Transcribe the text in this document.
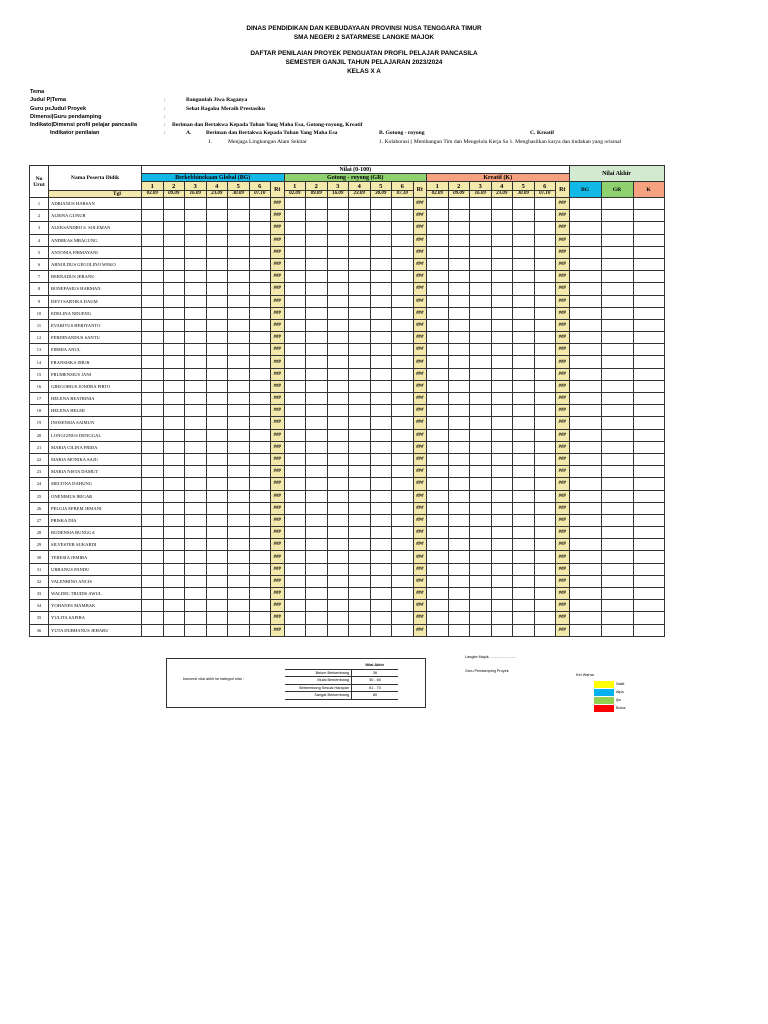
DINAS PENDIDIKAN DAN KEBUDAYAAN PROVINSI NUSA TENGGARA TIMUR
SMA NEGERI 2 SATARMESE LANGKE MAJOK
DAFTAR PENILAIAN PROYEK PENGUATAN PROFIL PELAJAR PANCASILA
SEMESTER GANJIL TAHUN PELAJARAN 2023/2024
KELAS X A
Tema
Judul P|Tema	:	Bangunlah Jiwa Raganya
Guru pεJudul Proyek	:	Sehat Ragaku Meraih Prestasiku
Dimensi|Guru pendamping	:
Indikato|Dimensi profil pelajar pancasila	: Beriman dan Bertakwa Kepada Tuhan Yang Maha Esa, Gotong-royong, Kreatif
Indikator penilaian	:	A.	Beriman dan Bertakwa Kepada Tuhan Yang Maha Esa	B. Gotong - royong	C. Kreatif
1.	Menjaga Lingkungan Alam Sekitar	1. Kolaborasi ( Membangun Tim dan Mengelola Kerja Sa 1. Menghasilkan karya dan tindakan yang orisinal
No Urut	Nama Peserta Didik	Nilai (0-100)																					Nilai Akhir		
		Berkebhinekaan Global (BG)							Gotong - royong (GR)							Kreatif (K)									
		1	2	3	4	5	6	Rt	1	2	3	4	5	6	Rt	1	2	3	4	5	6	Rt	BG	GR	K
	Tgl	02.09	09.09	16.09	23.09	30.09	07.10		02.09	09.09	16.09	23.09	30.09	07.10		02.09	09.09	16.09	23.09	30.09	07.10				
1	ADRIANUS HARSAN							###							###							###			
2	ALBINA GUNUR							###							###							###			
3	ALEKSANDRO S. SOLEMAN							###							###							###			
4	ANDREAS MBAGUNG							###							###							###			
5	ANTONIA FIRMAYANI							###							###							###			
6	ARNOLDUS GEGOLINO WEKO							###							###							###			
7	BERNADUS JERANU							###							###							###			
8	BONEFASIUS HARMAN							###							###							###			
9	DEVI SARTIKA DAUM							###							###							###			
10	EDELINA NDUENG							###							###							###			
11	EVARITUS HERIYANTO							###							###							###			
12	FERDINANDUS SANTU							###							###							###			
13	FIRMIA ANUL							###							###							###			
14	FRANSISKA IMUR							###							###							###			
15	FRUMENSIUS JANI							###							###							###			
16	GREGORIUS JONDRA PIRTO							###							###							###			
17	HELENA BEATRINIA							###							###							###			
18	HELENA HELMI							###							###							###			
19	INOSENSIA SAIMUN							###							###							###			
20	LONGGINUS DENGGAL							###							###							###			
21	MARIA CILINA FRIDA							###							###							###			
22	MARIA MONIKA SAJU							###							###							###			
23	MARIA NISTA DAMUT							###							###							###			
24	MELTINA DAHUNG							###							###							###			
25	ONENIMUS IRIGAR							###							###							###			
26	PELGIA EFREM JEMANI							###							###							###			
27	PRISKA DIA							###							###							###			
28	RUDENSIA BUNGGA							###							###							###			
29	SILVESTER SUKARDI							###							###							###			
30	TERESIA JEMIRA							###							###							###			
31	URBANUS PANDU							###							###							###			
32	VALENRINO ANCIS							###							###							###			
33	WALDEL TRUDIS AWUL							###							###							###			
34	YOHANES MAMBAK							###							###							###			
35	YULITA SAFIRA							###							###							###			
36	YUTA DUBHANUS JEHARU							###							###							###			
Langke Majok, ........................
Guru Pendamping Proyek
konversi nilai akhir ke kategori nilai :
	Nilai Akhir
Belum Berkembang	36
Mulai Berkembang	30 - 60
Berkembang Sesuai Harapan	61 - 70
Sangat Berkembang	80
Ket Warna
Sakit
Alpa
Ijin
Bolos
